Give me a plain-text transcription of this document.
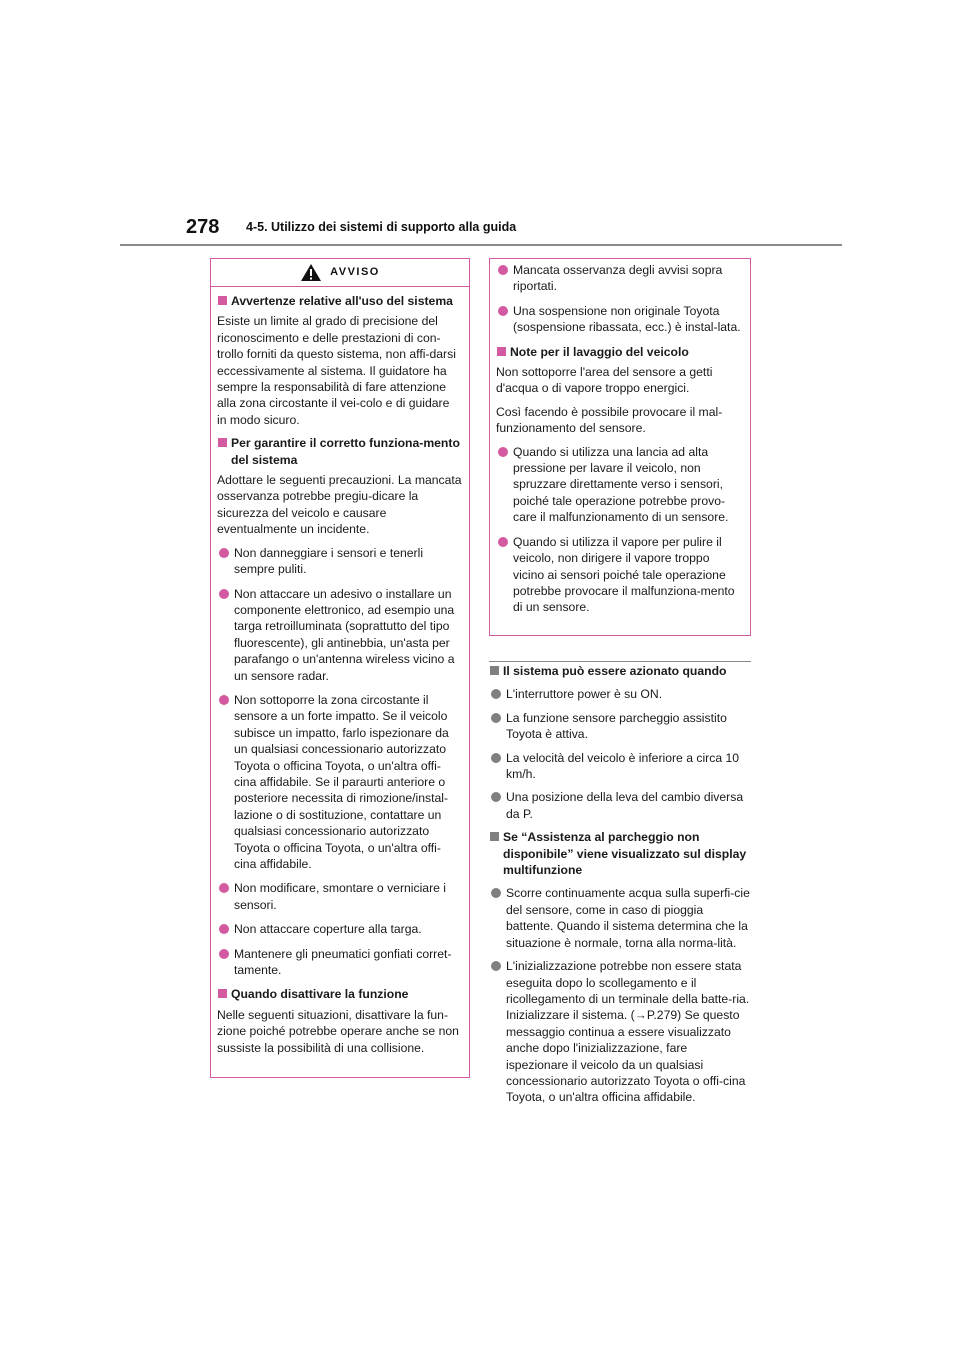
278 4-5. Utilizzo dei sistemi di supporto alla guida
AVVISO
Avvertenze relative all'uso del sistema

Esiste un limite al grado di precisione del riconoscimento e delle prestazioni di con-trollo forniti da questo sistema, non affi-darsi eccessivamente al sistema. Il guidatore ha sempre la responsabilità di fare attenzione alla zona circostante il vei-colo e di guidare in modo sicuro.

Per garantire il corretto funziona-mento del sistema

Adottare le seguenti precauzioni. La mancata osservanza potrebbe pregiu-dicare la sicurezza del veicolo e causare eventualmente un incidente.

Non danneggiare i sensori e tenerli sempre puliti.
Non attaccare un adesivo o installare un componente elettronico, ad esempio una targa retroilluminata (soprattutto del tipo fluorescente), gli antinebbia, un'asta per parafango o un'antenna wireless vicino a un sensore radar.
Non sottoporre la zona circostante il sensore a un forte impatto. Se il veicolo subisce un impatto, farlo ispezionare da un qualsiasi concessionario autorizzato Toyota o officina Toyota, o un'altra offi-cina affidabile. Se il paraurti anteriore o posteriore necessita di rimozione/instal-lazione o di sostituzione, contattare un qualsiasi concessionario autorizzato Toyota o officina Toyota, o un'altra offi-cina affidabile.
Non modificare, smontare o verniciare i sensori.
Non attaccare coperture alla targa.
Mantenere gli pneumatici gonfiati corret-tamente.
Quando disattivare la funzione

Nelle seguenti situazioni, disattivare la fun-zione poiché potrebbe operare anche se non sussiste la possibilità di una collisione.

Mancata osservanza degli avvisi sopra riportati.
Una sospensione non originale Toyota (sospensione ribassata, ecc.) è instal-lata.
Note per il lavaggio del veicolo

Non sottoporre l'area del sensore a getti d'acqua o di vapore troppo energici.

Così facendo è possibile provocare il mal-funzionamento del sensore.

Quando si utilizza una lancia ad alta pressione per lavare il veicolo, non spruzzare direttamente verso i sensori, poiché tale operazione potrebbe provo-care il malfunzionamento di un sensore.
Quando si utilizza il vapore per pulire il veicolo, non dirigere il vapore troppo vicino ai sensori poiché tale operazione potrebbe provocare il malfunziona-mento di un sensore.
Il sistema può essere azionato quando
L'interruttore power è su ON.
La funzione sensore parcheggio assistito Toyota è attiva.
La velocità del veicolo è inferiore a circa 10 km/h.
Una posizione della leva del cambio diversa da P.
Se “Assistenza al parcheggio non disponibile” viene visualizzato sul display multifunzione
Scorre continuamente acqua sulla superfi-cie del sensore, come in caso di pioggia battente. Quando il sistema determina che la situazione è normale, torna alla norma-lità.
L'inizializzazione potrebbe non essere stata eseguita dopo lo scollegamento e il ricollegamento di un terminale della batte-ria. Inizializzare il sistema. (→P.279) Se questo messaggio continua a essere visualizzato anche dopo l'inizializzazione, fare ispezionare il veicolo da un qualsiasi concessionario autorizzato Toyota o offi-cina Toyota, o un'altra officina affidabile.
